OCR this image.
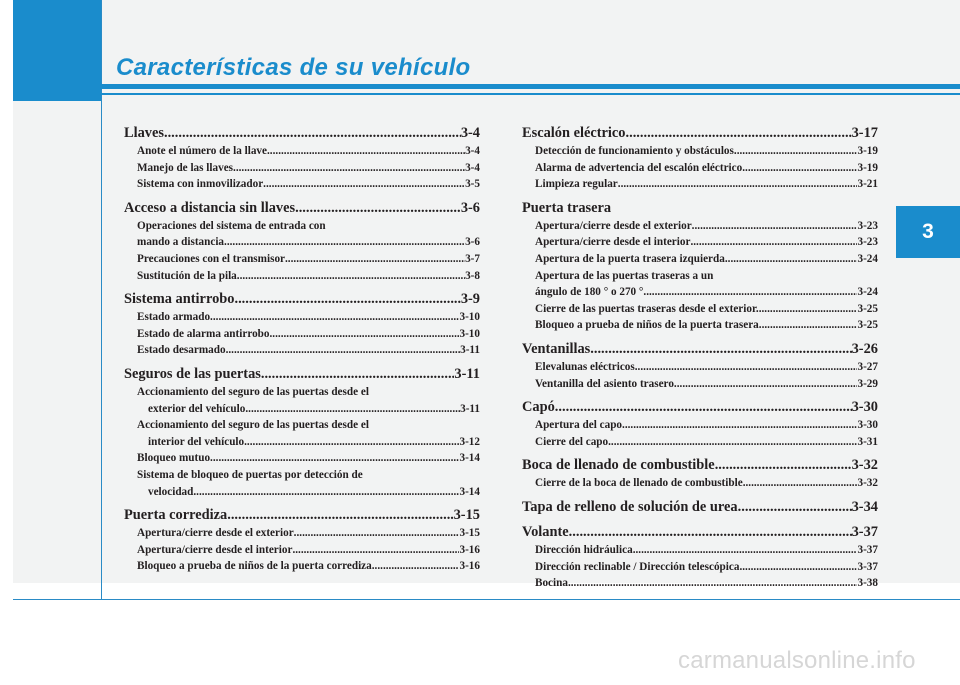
Características de su vehículo
3
Llaves .....	3-4
Anote el número de la llave .....	3-4
Manejo de las llaves .....	3-4
Sistema con inmovilizador .....	3-5
Acceso a distancia sin llaves .....	3-6
Operaciones del sistema de entrada con
mando a distancia .....	3-6
Precauciones con el transmisor .....	3-7
Sustitución de la pila .....	3-8
Sistema antirrobo .....	3-9
Estado armado .....	3-10
Estado de alarma antirrobo .....	3-10
Estado desarmado .....	3-11
Seguros de las puertas .....	3-11
Accionamiento del seguro de las puertas desde el
exterior del vehículo .....	3-11
Accionamiento del seguro de las puertas desde el
interior del vehículo .....	3-12
Bloqueo mutuo .....	3-14
Sistema de bloqueo de puertas por detección de
velocidad .....	3-14
Puerta corrediza .....	3-15
Apertura/cierre desde el exterior .....	3-15
Apertura/cierre desde el interior .....	3-16
Bloqueo a prueba de niños de la puerta corrediza .....	3-16
Escalón eléctrico .....	3-17
Detección de funcionamiento y obstáculos .....	3-19
Alarma de advertencia del escalón eléctrico .....	3-19
Limpieza regular .....	3-21
Puerta trasera
Apertura/cierre desde el exterior .....	3-23
Apertura/cierre desde el interior .....	3-23
Apertura de la puerta trasera izquierda .....	3-24
Apertura de las puertas traseras a un
ángulo de 180 ° o 270 ° .....	3-24
Cierre de las puertas traseras desde el exterior. .....	3-25
Bloqueo a prueba de niños de la puerta trasera .....	3-25
Ventanillas .....	3-26
Elevalunas eléctricos .....	3-27
Ventanilla del asiento trasero .....	3-29
Capó .....	3-30
Apertura del capo .....	3-30
Cierre del capo .....	3-31
Boca de llenado de combustible .....	3-32
Cierre de la boca de llenado de combustible .....	3-32
Tapa de relleno de solución de urea .....	3-34
Volante .....	3-37
Dirección hidráulica .....	3-37
Dirección reclinable / Dirección telescópica .....	3-37
Bocina .....	3-38
carmanualsonline.info
